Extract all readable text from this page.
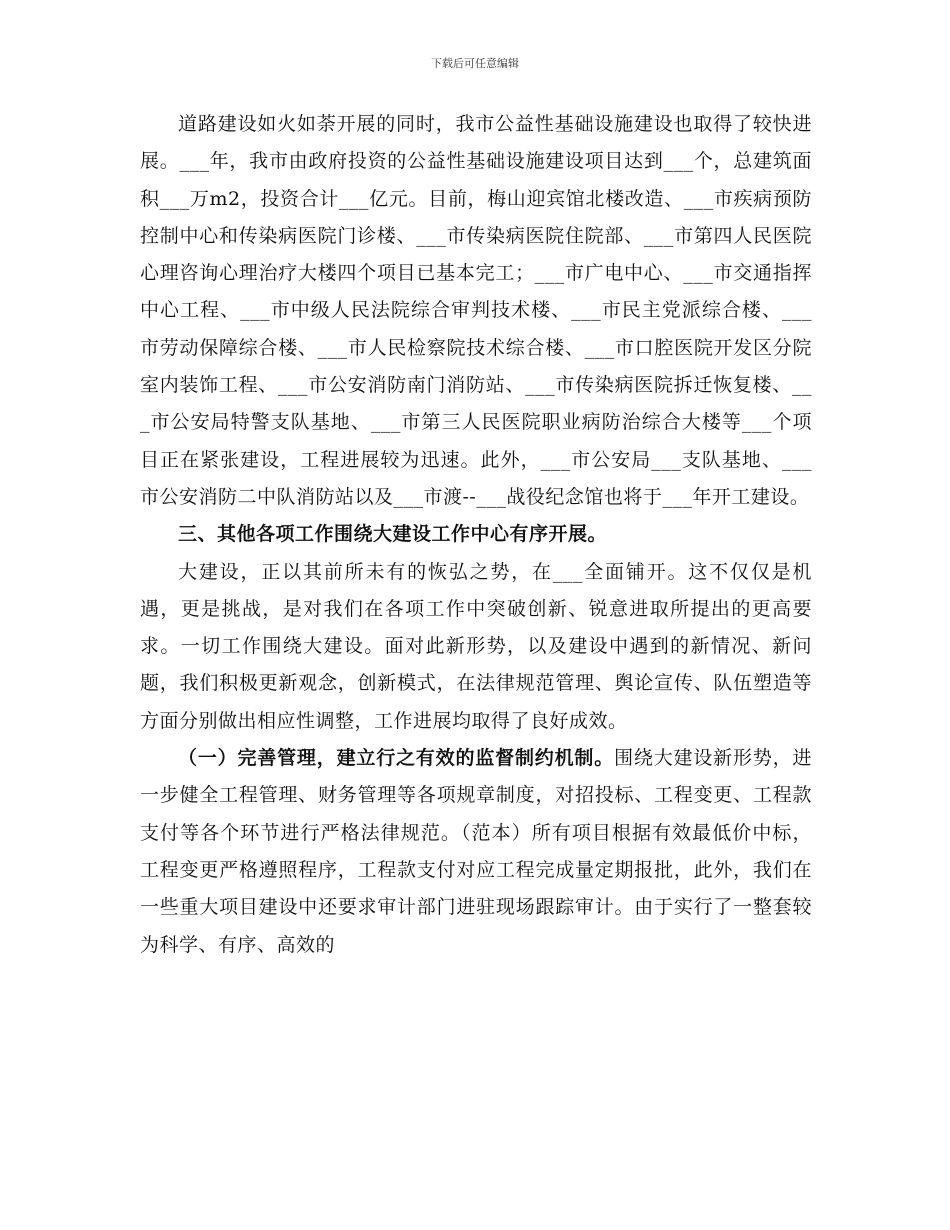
下载后可任意编辑

道路建设如火如荼开展的同时，我市公益性基础设施建设也取得了较快进展。___年，我市由政府投资的公益性基础设施建设项目达到___个，总建筑面积___万m2，投资合计___亿元。目前，梅山迎宾馆北楼改造、___市疾病预防控制中心和传染病医院门诊楼、___市传染病医院住院部、___市第四人民医院心理咨询心理治疗大楼四个项目已基本完工；___市广电中心、___市交通指挥中心工程、___市中级人民法院综合审判技术楼、___市民主党派综合楼、___市劳动保障综合楼、___市人民检察院技术综合楼、___市口腔医院开发区分院室内装饰工程、___市公安消防南门消防站、___市传染病医院拆迁恢复楼、___市公安局特警支队基地、___市第三人民医院职业病防治综合大楼等___个项目正在紧张建设，工程进展较为迅速。此外，___市公安局___支队基地、___市公安消防二中队消防站以及___市渡--___战役纪念馆也将于___年开工建设。

三、其他各项工作围绕大建设工作中心有序开展。

大建设，正以其前所未有的恢弘之势，在___全面铺开。这不仅仅是机遇，更是挑战，是对我们在各项工作中突破创新、锐意进取所提出的更高要求。一切工作围绕大建设。面对此新形势，以及建设中遇到的新情况、新问题，我们积极更新观念，创新模式，在法律规范管理、舆论宣传、队伍塑造等方面分别做出相应性调整，工作进展均取得了良好成效。

（一）完善管理，建立行之有效的监督制约机制。围绕大建设新形势，进一步健全工程管理、财务管理等各项规章制度，对招投标、工程变更、工程款支付等各个环节进行严格法律规范。（范本）所有项目根据有效最低价中标，工程变更严格遵照程序，工程款支付对应工程完成量定期报批，此外，我们在一些重大项目建设中还要求审计部门进驻现场跟踪审计。由于实行了一整套较为科学、有序、高效的
